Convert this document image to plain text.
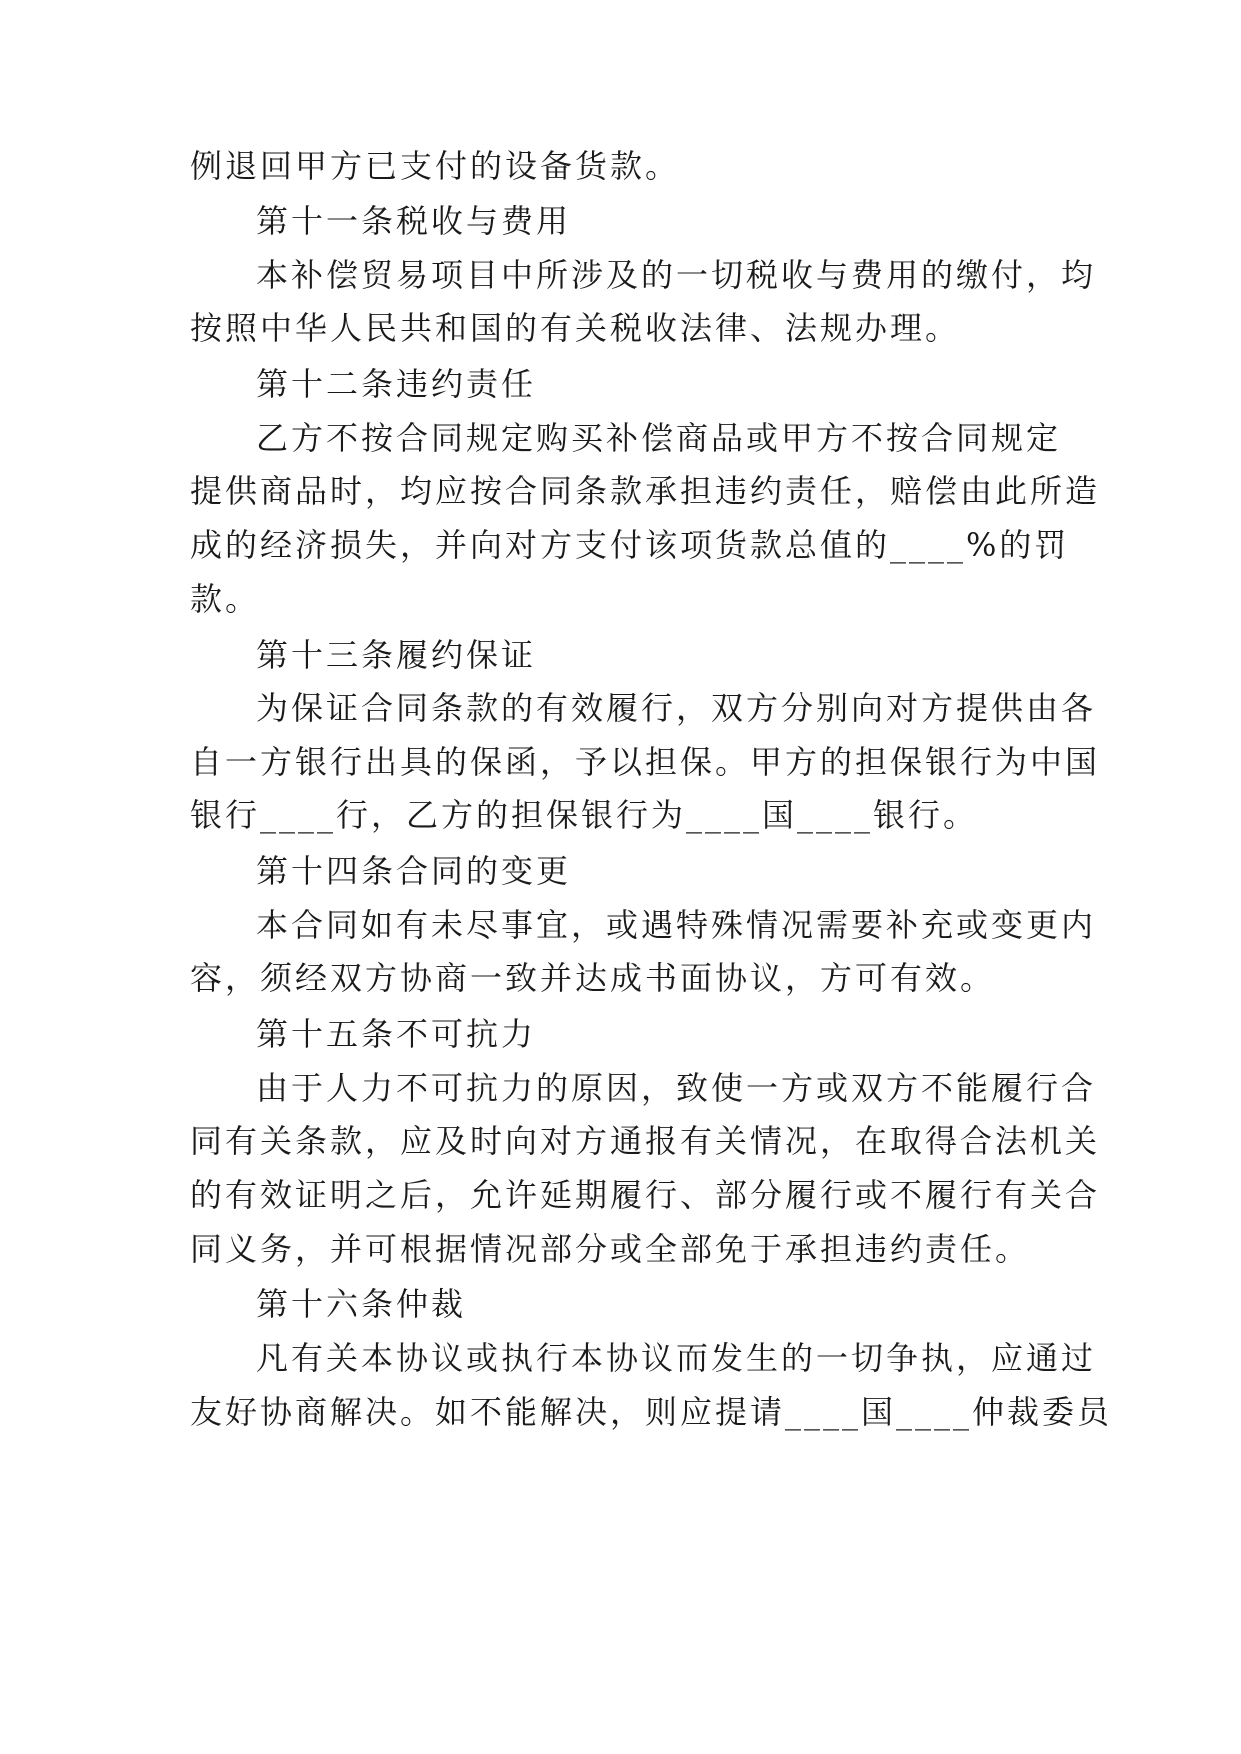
例退回甲方已支付的设备货款。
第十一条税收与费用
本补偿贸易项目中所涉及的一切税收与费用的缴付，均
按照中华人民共和国的有关税收法律、法规办理。
第十二条违约责任
乙方不按合同规定购买补偿商品或甲方不按合同规定
提供商品时，均应按合同条款承担违约责任，赔偿由此所造
成的经济损失，并向对方支付该项货款总值的____%的罚
款。
第十三条履约保证
为保证合同条款的有效履行，双方分别向对方提供由各
自一方银行出具的保函，予以担保。甲方的担保银行为中国
银行____行，乙方的担保银行为____国____银行。
第十四条合同的变更
本合同如有未尽事宜，或遇特殊情况需要补充或变更内
容，须经双方协商一致并达成书面协议，方可有效。
第十五条不可抗力
由于人力不可抗力的原因，致使一方或双方不能履行合
同有关条款，应及时向对方通报有关情况，在取得合法机关
的有效证明之后，允许延期履行、部分履行或不履行有关合
同义务，并可根据情况部分或全部免于承担违约责任。
第十六条仲裁
凡有关本协议或执行本协议而发生的一切争执，应通过
友好协商解决。如不能解决，则应提请____国____仲裁委员
